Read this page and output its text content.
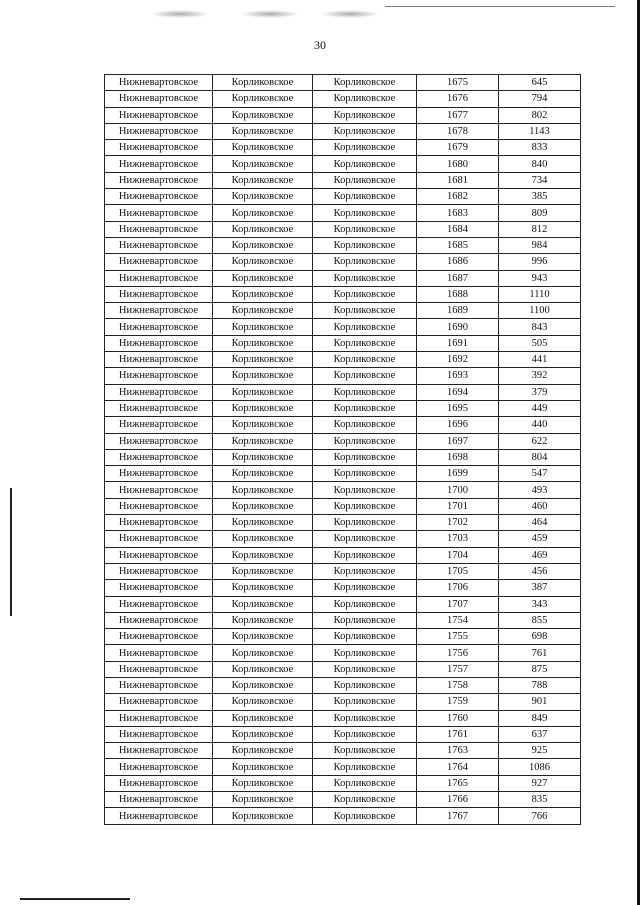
30
Нижневартовское	Корликовское	Корликовское	1675	645
Нижневартовское	Корликовское	Корликовское	1676	794
Нижневартовское	Корликовское	Корликовское	1677	802
Нижневартовское	Корликовское	Корликовское	1678	1143
Нижневартовское	Корликовское	Корликовское	1679	833
Нижневартовское	Корликовское	Корликовское	1680	840
Нижневартовское	Корликовское	Корликовское	1681	734
Нижневартовское	Корликовское	Корликовское	1682	385
Нижневартовское	Корликовское	Корликовское	1683	809
Нижневартовское	Корликовское	Корликовское	1684	812
Нижневартовское	Корликовское	Корликовское	1685	984
Нижневартовское	Корликовское	Корликовское	1686	996
Нижневартовское	Корликовское	Корликовское	1687	943
Нижневартовское	Корликовское	Корликовское	1688	1110
Нижневартовское	Корликовское	Корликовское	1689	1100
Нижневартовское	Корликовское	Корликовское	1690	843
Нижневартовское	Корликовское	Корликовское	1691	505
Нижневартовское	Корликовское	Корликовское	1692	441
Нижневартовское	Корликовское	Корликовское	1693	392
Нижневартовское	Корликовское	Корликовское	1694	379
Нижневартовское	Корликовское	Корликовское	1695	449
Нижневартовское	Корликовское	Корликовское	1696	440
Нижневартовское	Корликовское	Корликовское	1697	622
Нижневартовское	Корликовское	Корликовское	1698	804
Нижневартовское	Корликовское	Корликовское	1699	547
Нижневартовское	Корликовское	Корликовское	1700	493
Нижневартовское	Корликовское	Корликовское	1701	460
Нижневартовское	Корликовское	Корликовское	1702	464
Нижневартовское	Корликовское	Корликовское	1703	459
Нижневартовское	Корликовское	Корликовское	1704	469
Нижневартовское	Корликовское	Корликовское	1705	456
Нижневартовское	Корликовское	Корликовское	1706	387
Нижневартовское	Корликовское	Корликовское	1707	343
Нижневартовское	Корликовское	Корликовское	1754	855
Нижневартовское	Корликовское	Корликовское	1755	698
Нижневартовское	Корликовское	Корликовское	1756	761
Нижневартовское	Корликовское	Корликовское	1757	875
Нижневартовское	Корликовское	Корликовское	1758	788
Нижневартовское	Корликовское	Корликовское	1759	901
Нижневартовское	Корликовское	Корликовское	1760	849
Нижневартовское	Корликовское	Корликовское	1761	637
Нижневартовское	Корликовское	Корликовское	1763	925
Нижневартовское	Корликовское	Корликовское	1764	1086
Нижневартовское	Корликовское	Корликовское	1765	927
Нижневартовское	Корликовское	Корликовское	1766	835
Нижневартовское	Корликовское	Корликовское	1767	766
